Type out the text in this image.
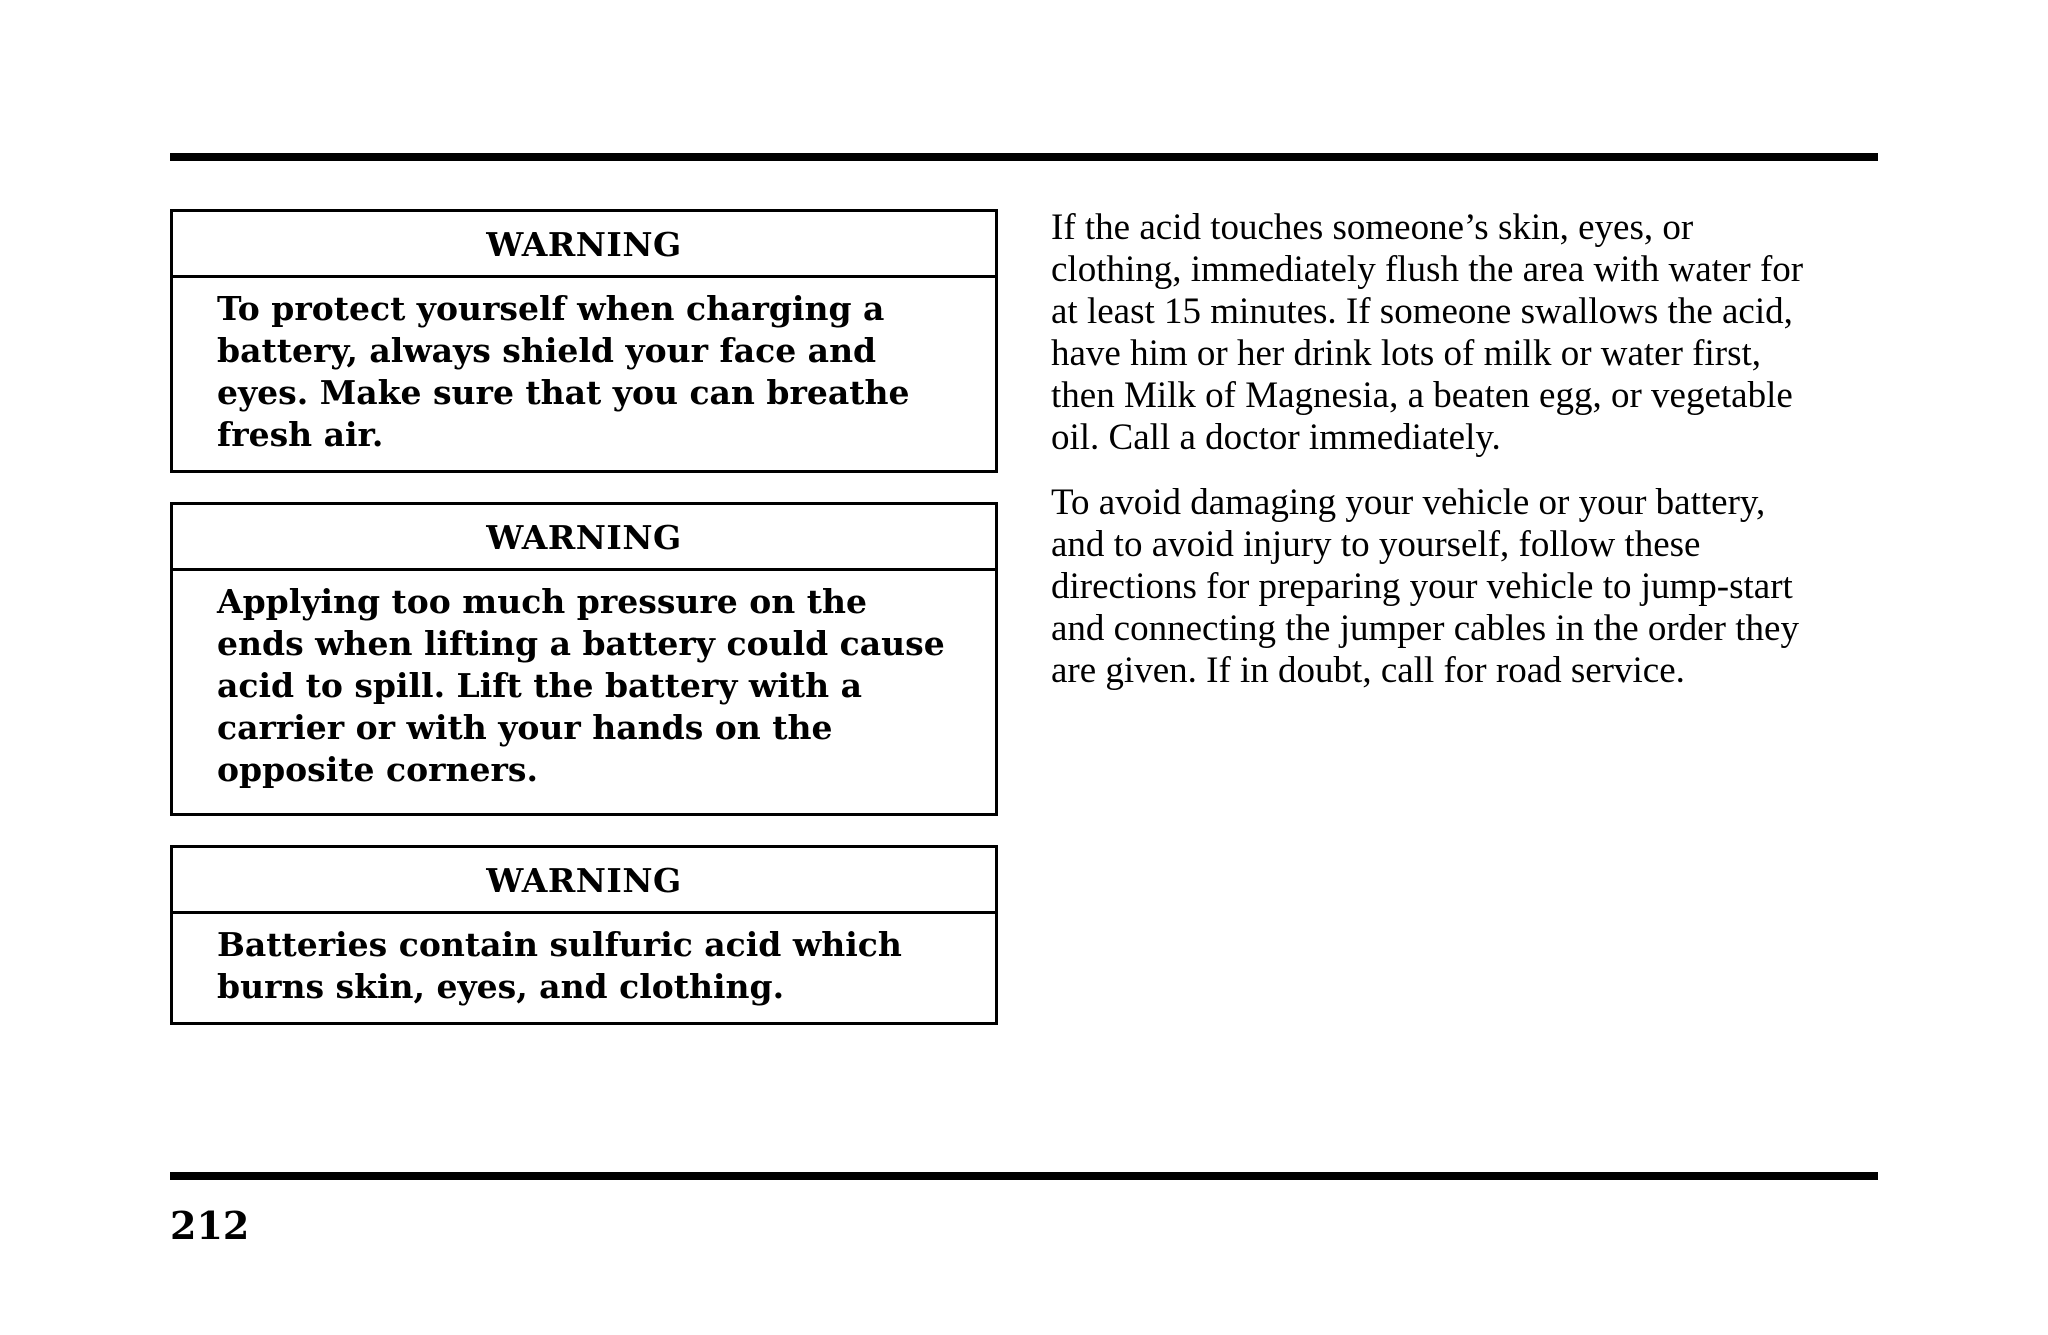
WARNING
To protect yourself when charging a
battery, always shield your face and
eyes. Make sure that you can breathe
fresh air.
WARNING
Applying too much pressure on the
ends when lifting a battery could cause
acid to spill. Lift the battery with a
carrier or with your hands on the
opposite corners.
WARNING
Batteries contain sulfuric acid which
burns skin, eyes, and clothing.

If the acid touches someone’s skin, eyes, or
clothing, immediately flush the area with water for
at least 15 minutes. If someone swallows the acid,
have him or her drink lots of milk or water first,
then Milk of Magnesia, a beaten egg, or vegetable
oil. Call a doctor immediately.

To avoid damaging your vehicle or your battery,
and to avoid injury to yourself, follow these
directions for preparing your vehicle to jump-start
and connecting the jumper cables in the order they
are given. If in doubt, call for road service.

212
